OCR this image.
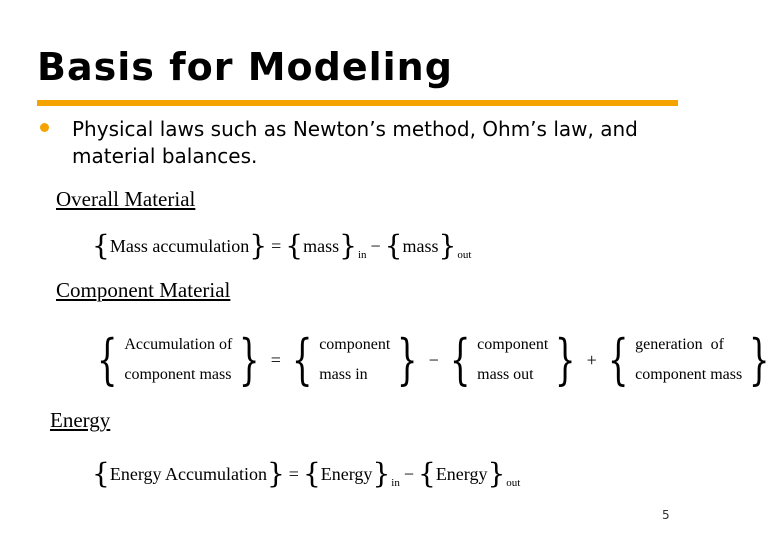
Basis for Modeling
Physical laws such as Newton’s method, Ohm’s law, and material balances.
Overall Material
{ Mass accumulation } = { mass } in − { mass } out
Component Material
{ Accumulation of
component mass } = { component
mass in } − { component
mass out } + { generation  of
component mass }
Energy
{ Energy Accumulation } = { Energy } in − { Energy } out
5
